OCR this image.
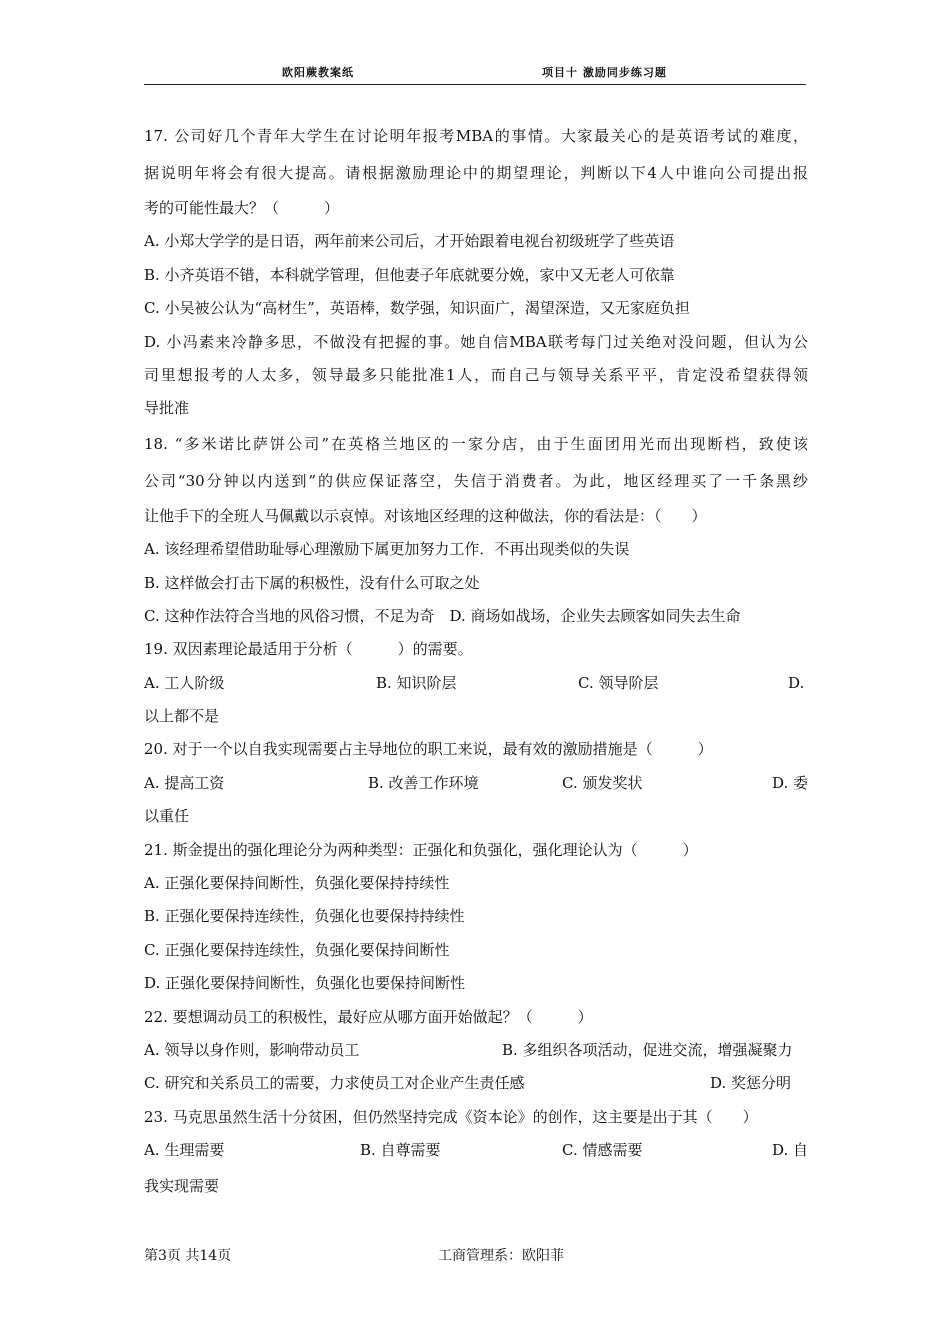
欧阳蕨教案纸	项目十 激励同步练习题
17. 公司好几个青年大学生在讨论明年报考MBA的事情。大家最关心的是英语考试的难度，
据说明年将会有很大提高。请根据激励理论中的期望理论，判断以下4人中谁向公司提出报
考的可能性最大？（　　　）
A. 小郑大学学的是日语，两年前来公司后，才开始跟着电视台初级班学了些英语
B. 小齐英语不错，本科就学管理，但他妻子年底就要分娩，家中又无老人可依靠
C. 小吴被公认为“高材生”，英语棒，数学强，知识面广，渴望深造，又无家庭负担
D. 小冯素来冷静多思，不做没有把握的事。她自信MBA联考每门过关绝对没问题，但认为公
司里想报考的人太多，领导最多只能批准1人，而自己与领导关系平平，肯定没希望获得领
导批准
18. “多米诺比萨饼公司”在英格兰地区的一家分店，由于生面团用光而出现断档，致使该
公司“30分钟以内送到”的供应保证落空，失信于消费者。为此，地区经理买了一千条黑纱
让他手下的全班人马佩戴以示哀悼。对该地区经理的这种做法，你的看法是：（　　）
A. 该经理希望借助耻辱心理激励下属更加努力工作．不再出现类似的失误
B. 这样做会打击下属的积极性，没有什么可取之处
C. 这种作法符合当地的风俗习惯，不足为奇　D. 商场如战场，企业失去顾客如同失去生命
19. 双因素理论最适用于分析（　　　）的需要。
A. 工人阶级	B. 知识阶层	C. 领导阶层	D.
以上都不是
20. 对于一个以自我实现需要占主导地位的职工来说，最有效的激励措施是（　　　）
A. 提高工资	B. 改善工作环境	C. 颁发奖状	D. 委
以重任
21. 斯金提出的强化理论分为两种类型：正强化和负强化，强化理论认为（　　　）
A. 正强化要保持间断性，负强化要保持持续性
B. 正强化要保持连续性，负强化也要保持持续性
C. 正强化要保持连续性，负强化要保持间断性
D. 正强化要保持间断性，负强化也要保持间断性
22. 要想调动员工的积极性，最好应从哪方面开始做起？（　　　）
A. 领导以身作则，影响带动员工	B. 多组织各项活动，促进交流，增强凝聚力
C. 研究和关系员工的需要，力求使员工对企业产生责任感	D. 奖惩分明
23. 马克思虽然生活十分贫困，但仍然坚持完成《资本论》的创作，这主要是出于其（　　）
A. 生理需要	B. 自尊需要	C. 情感需要	D. 自
我实现需要
第3页 共14页	工商管理系：欧阳菲
